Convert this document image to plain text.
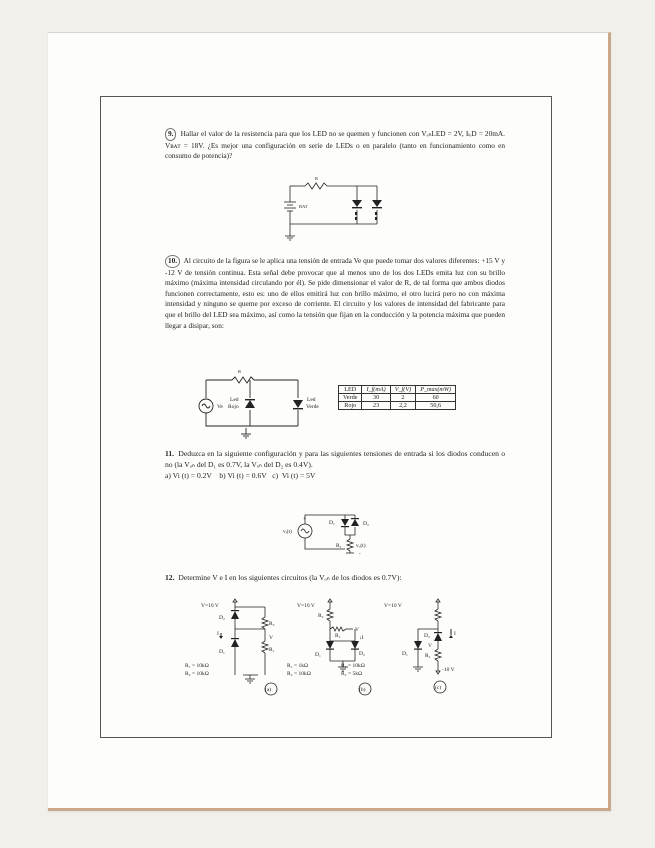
9. Hallar el valor de la resistencia para que los LED no se quemen y funcionen con VₑₙLED = 2V, IₗₑD = 20mA. Vʙᴀᴛ = 18V. ¿Es mejor una configuración en serie de LEDs o en paralelo (tanto en funcionamiento como en consumo de potencia)?
R
BAT
10. Al circuito de la figura se le aplica una tensión de entrada Ve que puede tomar dos valores diferentes: +15 V y -12 V de tensión continua. Esta señal debe provocar que al menos uno de los dos LEDs emita luz con su brillo máximo (máxima intensidad circulando por él). Se pide dimensionar el valor de R, de tal forma que ambos diodos funcionen correctamente, esto es: uno de ellos emitirá luz con brillo máximo, el otro lucirá pero no con máxima intensidad y ninguno se queme por exceso de corriente. El circuito y los valores de intensidad del fabricante para que el brillo del LED sea máximo, así como la tensión que fijan en la conducción y la potencia máxima que pueden llegar a disipar, son:
R
Ve
Led
Rojo
Led
Verde
LED	I_f(mA)	V_f(V)	P_max(mW)
Verde	30	2	60
Rojo	23	2,2	50,6
11. Deduzca en la siguiente configuración y para las siguientes tensiones de entrada si los diodos conducen o no (la Vₒₙ del D₁ es 0.7V, la Vₒₙ del D₂ es 0.4V).
a) Vi (t) = 0.2V    b) Vi (t) = 0.6V   c)  Vi (t) = 5V
+
-
vᵢ(t)
D₁	D₂
R₁	vₒ(t)
12. Determine V e I en los siguientes circuitos (la Vₒₙ de los diodos es 0.7V):
V=10 V
D₂
R₂
V
I
D₁	R₁
R₁ = 10kΩ
R₂ = 10kΩ
(a)
V=10 V
R₂
V
R₁	↓I
D₁	D₂
R₁ = 1kΩ
R₂ = 10kΩ
R₁ = 10kΩ
R₂ = 5kΩ
(b)
V=10 V
D₂	I
V
D₁	R₁
-10 V
(c)
